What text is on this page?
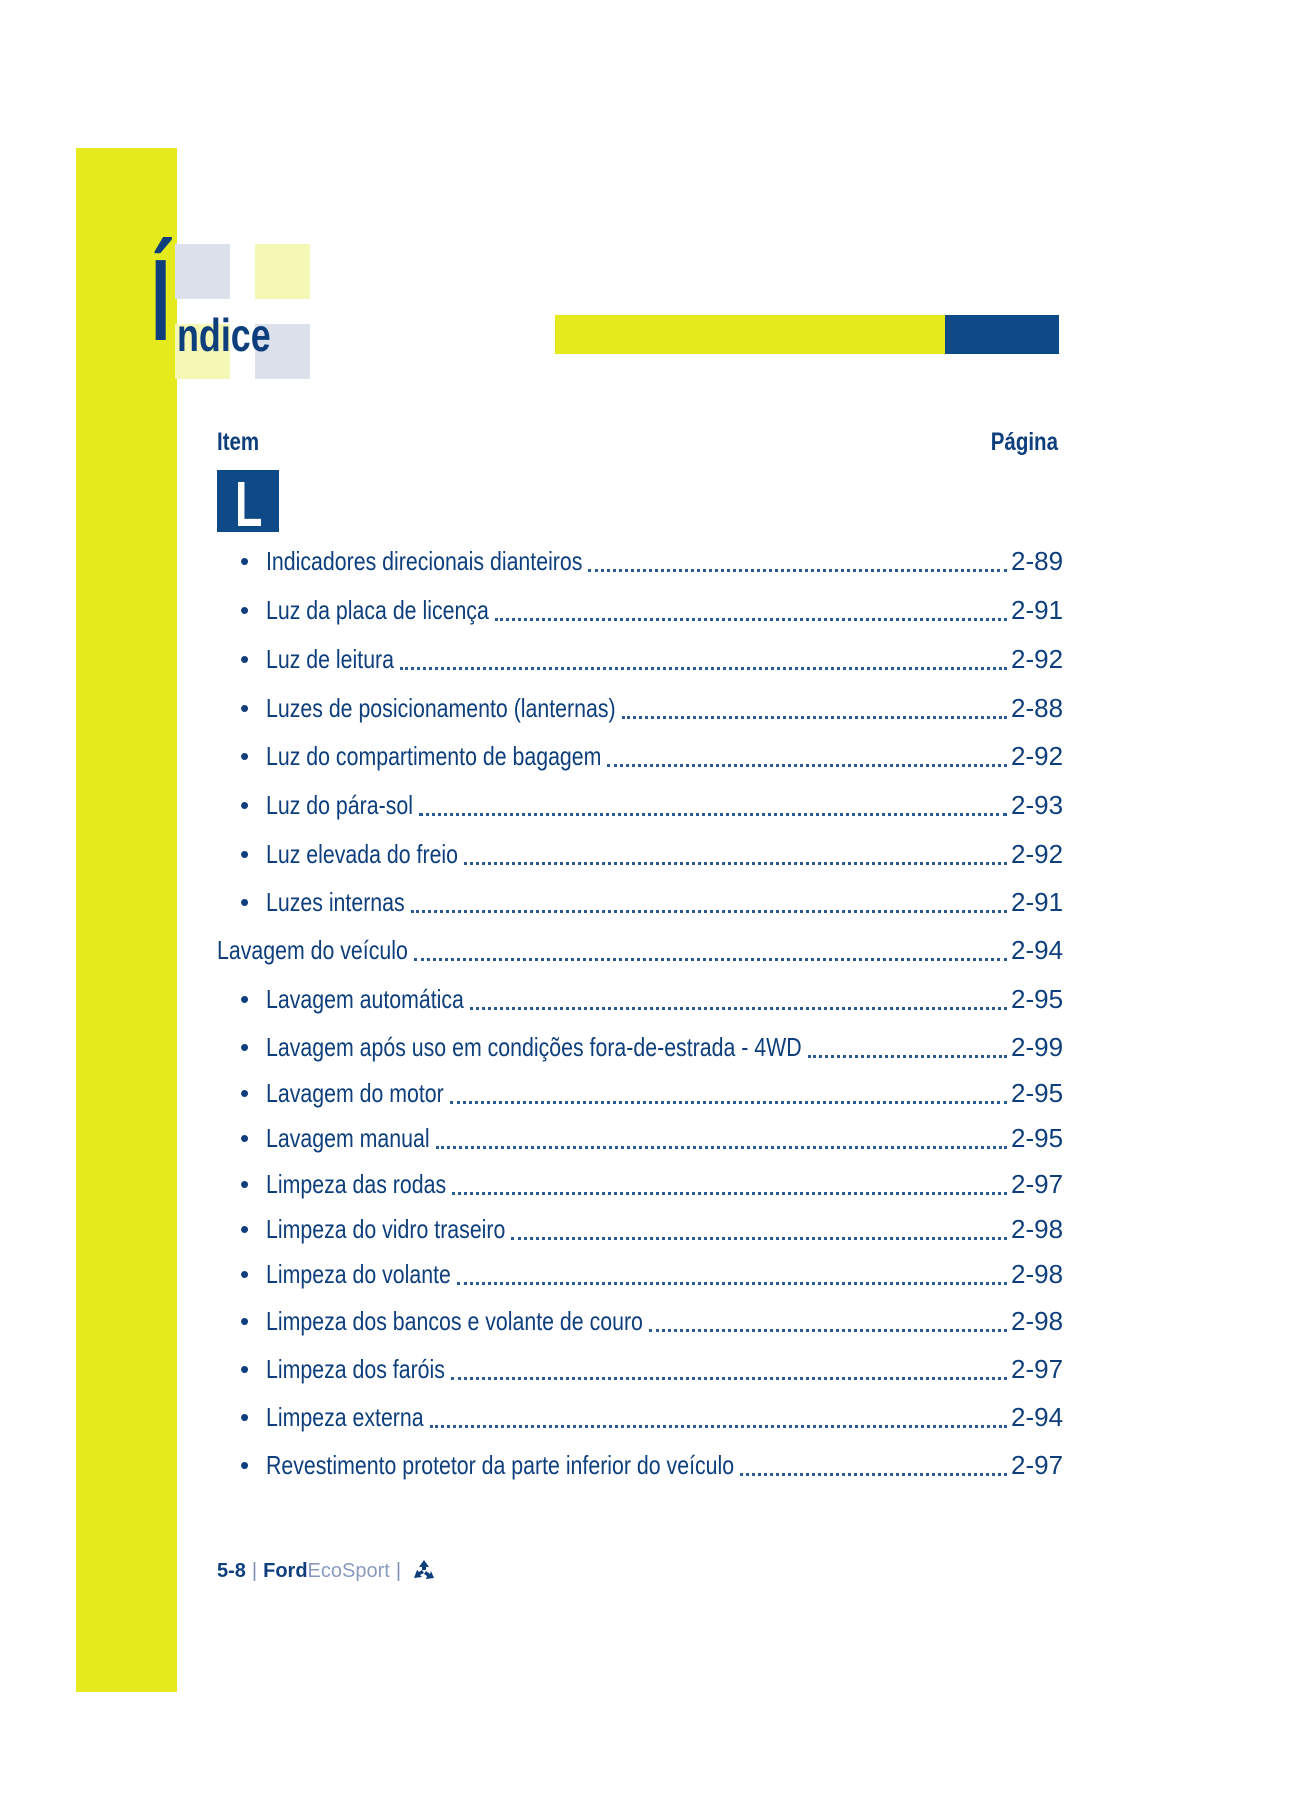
Í ndice
Item	Página
L
• Indicadores direcionais dianteiros	2-89
• Luz da placa de licença	2-91
• Luz de leitura	2-92
• Luzes de posicionamento (lanternas)	2-88
• Luz do compartimento de bagagem	2-92
• Luz do pára-sol	2-93
• Luz elevada do freio	2-92
• Luzes internas	2-91
Lavagem do veículo	2-94
• Lavagem automática	2-95
• Lavagem após uso em condições fora-de-estrada - 4WD	2-99
• Lavagem do motor	2-95
• Lavagem manual	2-95
• Limpeza das rodas	2-97
• Limpeza do vidro traseiro	2-98
• Limpeza do volante	2-98
• Limpeza dos bancos e volante de couro	2-98
• Limpeza dos faróis	2-97
• Limpeza externa	2-94
• Revestimento protetor da parte inferior do veículo	2-97
5-8 | Ford EcoSport |
